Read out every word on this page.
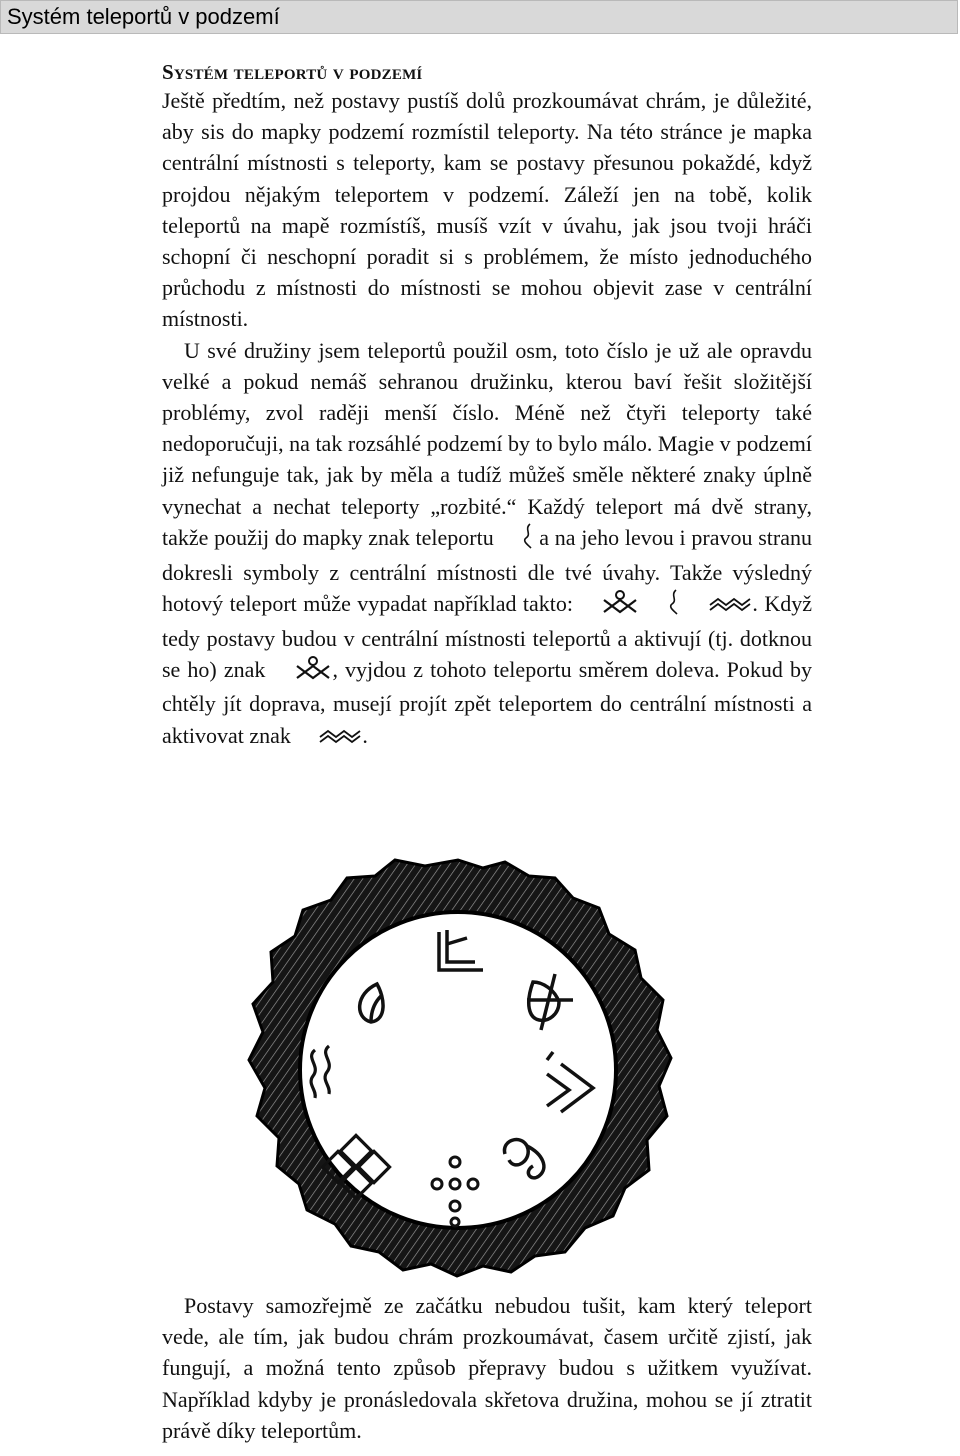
Systém teleportů v podzemí
Systém teleportů v podzemí

Ještě předtím, než postavy pustíš dolů prozkoumávat chrám, je důležité, aby sis do mapky podzemí rozmístil teleporty. Na této stránce je mapka centrální místnosti s teleporty, kam se postavy přesunou pokaždé, když projdou nějakým teleportem v podzemí. Záleží jen na tobě, kolik teleportů na mapě rozmístíš, musíš vzít v úvahu, jak jsou tvoji hráči schopní či neschopní poradit si s problémem, že místo jednoduchého průchodu z místnosti do místnosti se mohou objevit zase v centrální místnosti.

U své družiny jsem teleportů použil osm, toto číslo je už ale opravdu velké a pokud nemáš sehranou družinku, kterou baví řešit složitější problémy, zvol raději menší číslo. Méně než čtyři teleporty také nedoporučuji, na tak rozsáhlé podzemí by to bylo málo. Magie v podzemí již nefunguje tak, jak by měla a tudíž můžeš směle některé znaky úplně vynechat a nechat teleporty „rozbité.“ Každý teleport má dvě strany, takže použij do mapky znak teleportu a na jeho levou i pravou stranu dokresli symboly z centrální místnosti dle tvé úvahy. Takže výsledný hotový teleport může vypadat například takto:	. Když tedy postavy budou v centrální místnosti teleportů a aktivují (tj. dotknou se ho) znak	, vyjdou z tohoto teleportu směrem doleva. Pokud by chtěly jít doprava, musejí projít zpět teleportem do centrální místnosti a aktivovat znak	.

Postavy samozřejmě ze začátku nebudou tušit, kam který teleport vede, ale tím, jak budou chrám prozkoumávat, časem určitě zjistí, jak fungují, a možná tento způsob přepravy budou s užitkem využívat. Například kdyby je pronásledovala skřetova družina, mohou se jí ztratit právě díky teleportům.
